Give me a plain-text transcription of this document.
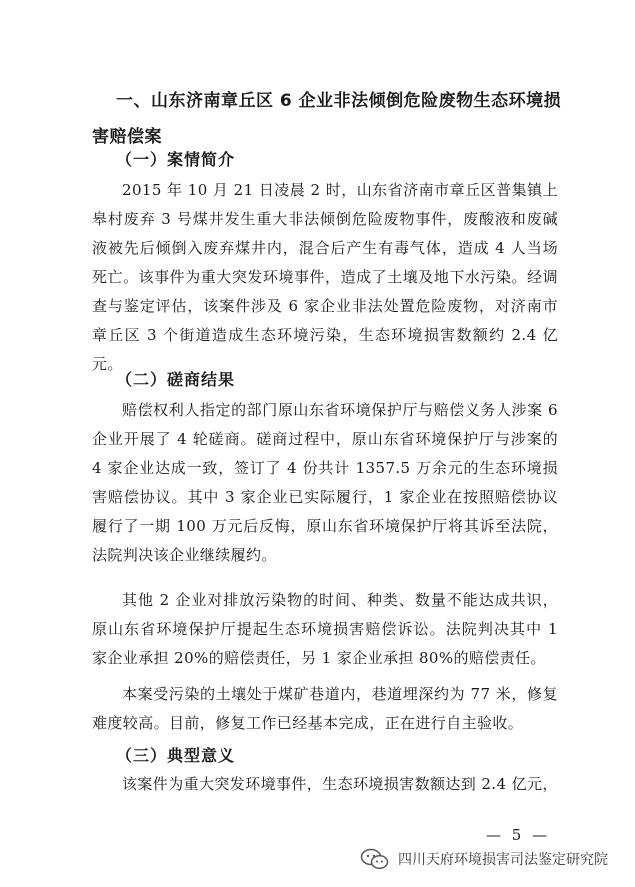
一、山东济南章丘区 6 企业非法倾倒危险废物生态环境损害赔偿案
（一）案情简介
2015 年 10 月 21 日凌晨 2 时，山东省济南市章丘区普集镇上皋村废弃 3 号煤井发生重大非法倾倒危险废物事件，废酸液和废碱液被先后倾倒入废弃煤井内，混合后产生有毒气体，造成 4 人当场死亡。该事件为重大突发环境事件，造成了土壤及地下水污染。经调查与鉴定评估，该案件涉及 6 家企业非法处置危险废物，对济南市章丘区 3 个街道造成生态环境污染，生态环境损害数额约 2.4 亿元。
（二）磋商结果
赔偿权利人指定的部门原山东省环境保护厅与赔偿义务人涉案 6 企业开展了 4 轮磋商。磋商过程中，原山东省环境保护厅与涉案的 4 家企业达成一致，签订了 4 份共计 1357.5 万余元的生态环境损害赔偿协议。其中 3 家企业已实际履行，1 家企业在按照赔偿协议履行了一期 100 万元后反悔，原山东省环境保护厅将其诉至法院，法院判决该企业继续履约。
其他 2 企业对排放污染物的时间、种类、数量不能达成共识，原山东省环境保护厅提起生态环境损害赔偿诉讼。法院判决其中 1 家企业承担 20%的赔偿责任，另 1 家企业承担 80%的赔偿责任。
本案受污染的土壤处于煤矿巷道内，巷道埋深约为 77 米，修复难度较高。目前，修复工作已经基本完成，正在进行自主验收。
（三）典型意义
该案件为重大突发环境事件，生态环境损害数额达到 2.4 亿元，
— 5 —
四川天府环境损害司法鉴定研究院
